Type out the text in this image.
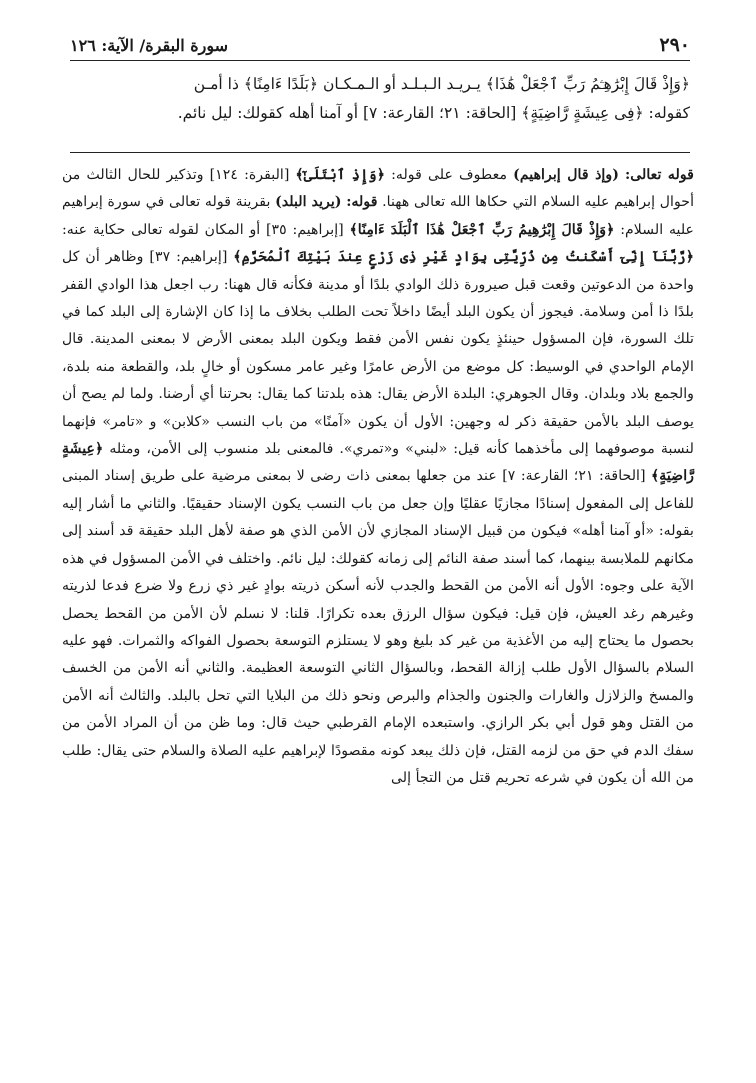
٢٩٠
سورة البقرة/ الآية: ١٢٦

﴿وَإِذْ قَالَ إِبْرَٰهِـۧمُ رَبِّ ٱجْعَلْ هَٰذَا﴾ يـريـد الـبـلـد أو الـمـكـان ﴿بَلَدًا ءَامِنًا﴾ ذا أمـن

كقوله: ﴿فِى عِيشَةٍ رَّاضِيَةٍ﴾ [الحاقة: ٢١؛ القارعة: ٧] أو آمنا أهله كقولك: ليل نائم.

قوله تعالى: (وإذ قال إبراهيم) معطوف على قوله: ﴿وَإِذِ ٱبْتَلَىٰٓ﴾ [البقرة: ١٢٤] وتذكير للحال الثالث من أحوال إبراهيم عليه السلام التي حكاها الله تعالى ههنا. قوله: (يريد البلد) بقرينة قوله تعالى في سورة إبراهيم عليه السلام: ﴿وَإِذْ قَالَ إِبْرَٰهِيمُ رَبِّ ٱجْعَلْ هَٰذَا ٱلْبَلَدَ ءَامِنًا﴾ [إبراهيم: ٣٥] أو المكان لقوله تعالى حكاية عنه: ﴿رَّبَّنَآ إِنِّىٓ أَسْكَنتُ مِن ذُرِّيَّتِى بِوَادٍ غَيْرِ ذِى زَرْعٍ عِندَ بَيْتِكَ ٱلْمُحَرَّمِ﴾ [إبراهيم: ٣٧] وظاهر أن كل واحدة من الدعوتين وقعت قبل صيرورة ذلك الوادي بلدًا أو مدينة فكأنه قال ههنا: رب اجعل هذا الوادي القفر بلدًا ذا أمن وسلامة. فيجوز أن يكون البلد أيضًا داخلاً تحت الطلب بخلاف ما إذا كان الإشارة إلى البلد كما في تلك السورة، فإن المسؤول حينئذٍ يكون نفس الأمن فقط ويكون البلد بمعنى الأرض لا بمعنى المدينة. قال الإمام الواحدي في الوسيط: كل موضع من الأرض عامرًا وغير عامر مسكون أو خالٍ بلد، والقطعة منه بلدة، والجمع بلاد وبلدان. وقال الجوهري: البلدة الأرض يقال: هذه بلدتنا كما يقال: بحرتنا أي أرضنا. ولما لم يصح أن يوصف البلد بالأمن حقيقة ذكر له وجهين: الأول أن يكون «آمنًا» من باب النسب «كلابن» و «تامر» فإنهما لنسبة موصوفهما إلى مأخذهما كأنه قيل: «لبني» و«تمري». فالمعنى بلد منسوب إلى الأمن، ومثله ﴿عِيشَةٍ رَّاضِيَةٍ﴾ [الحاقة: ٢١؛ القارعة: ٧] عند من جعلها بمعنى ذات رضى لا بمعنى مرضية على طريق إسناد المبنى للفاعل إلى المفعول إسنادًا مجازيًا عقليًا وإن جعل من باب النسب يكون الإسناد حقيقيًا. والثاني ما أشار إليه بقوله: «أو آمنا أهله» فيكون من قبيل الإسناد المجازي لأن الأمن الذي هو صفة لأهل البلد حقيقة قد أسند إلى مكانهم للملابسة بينهما، كما أسند صفة النائم إلى زمانه كقولك: ليل نائم. واختلف في الأمن المسؤول في هذه الآية على وجوه: الأول أنه الأمن من القحط والجدب لأنه أسكن ذريته بوادٍ غير ذي زرع ولا ضرع فدعا لذريته وغيرهم رغد العيش، فإن قيل: فيكون سؤال الرزق بعده تكرارًا. قلنا: لا نسلم لأن الأمن من القحط يحصل بحصول ما يحتاج إليه من الأغذية من غير كد بليغ وهو لا يستلزم التوسعة بحصول الفواكه والثمرات. فهو عليه السلام بالسؤال الأول طلب إزالة القحط، وبالسؤال الثاني التوسعة العظيمة. والثاني أنه الأمن من الخسف والمسخ والزلازل والغارات والجنون والجذام والبرص ونحو ذلك من البلايا التي تحل بالبلد. والثالث أنه الأمن من القتل وهو قول أبي بكر الرازي. واستبعده الإمام القرطبي حيث قال: وما ظن من أن المراد الأمن من سفك الدم في حق من لزمه القتل، فإن ذلك يبعد كونه مقصودًا لإبراهيم عليه الصلاة والسلام حتى يقال: طلب من الله أن يكون في شرعه تحريم قتل من التجأ إلى
